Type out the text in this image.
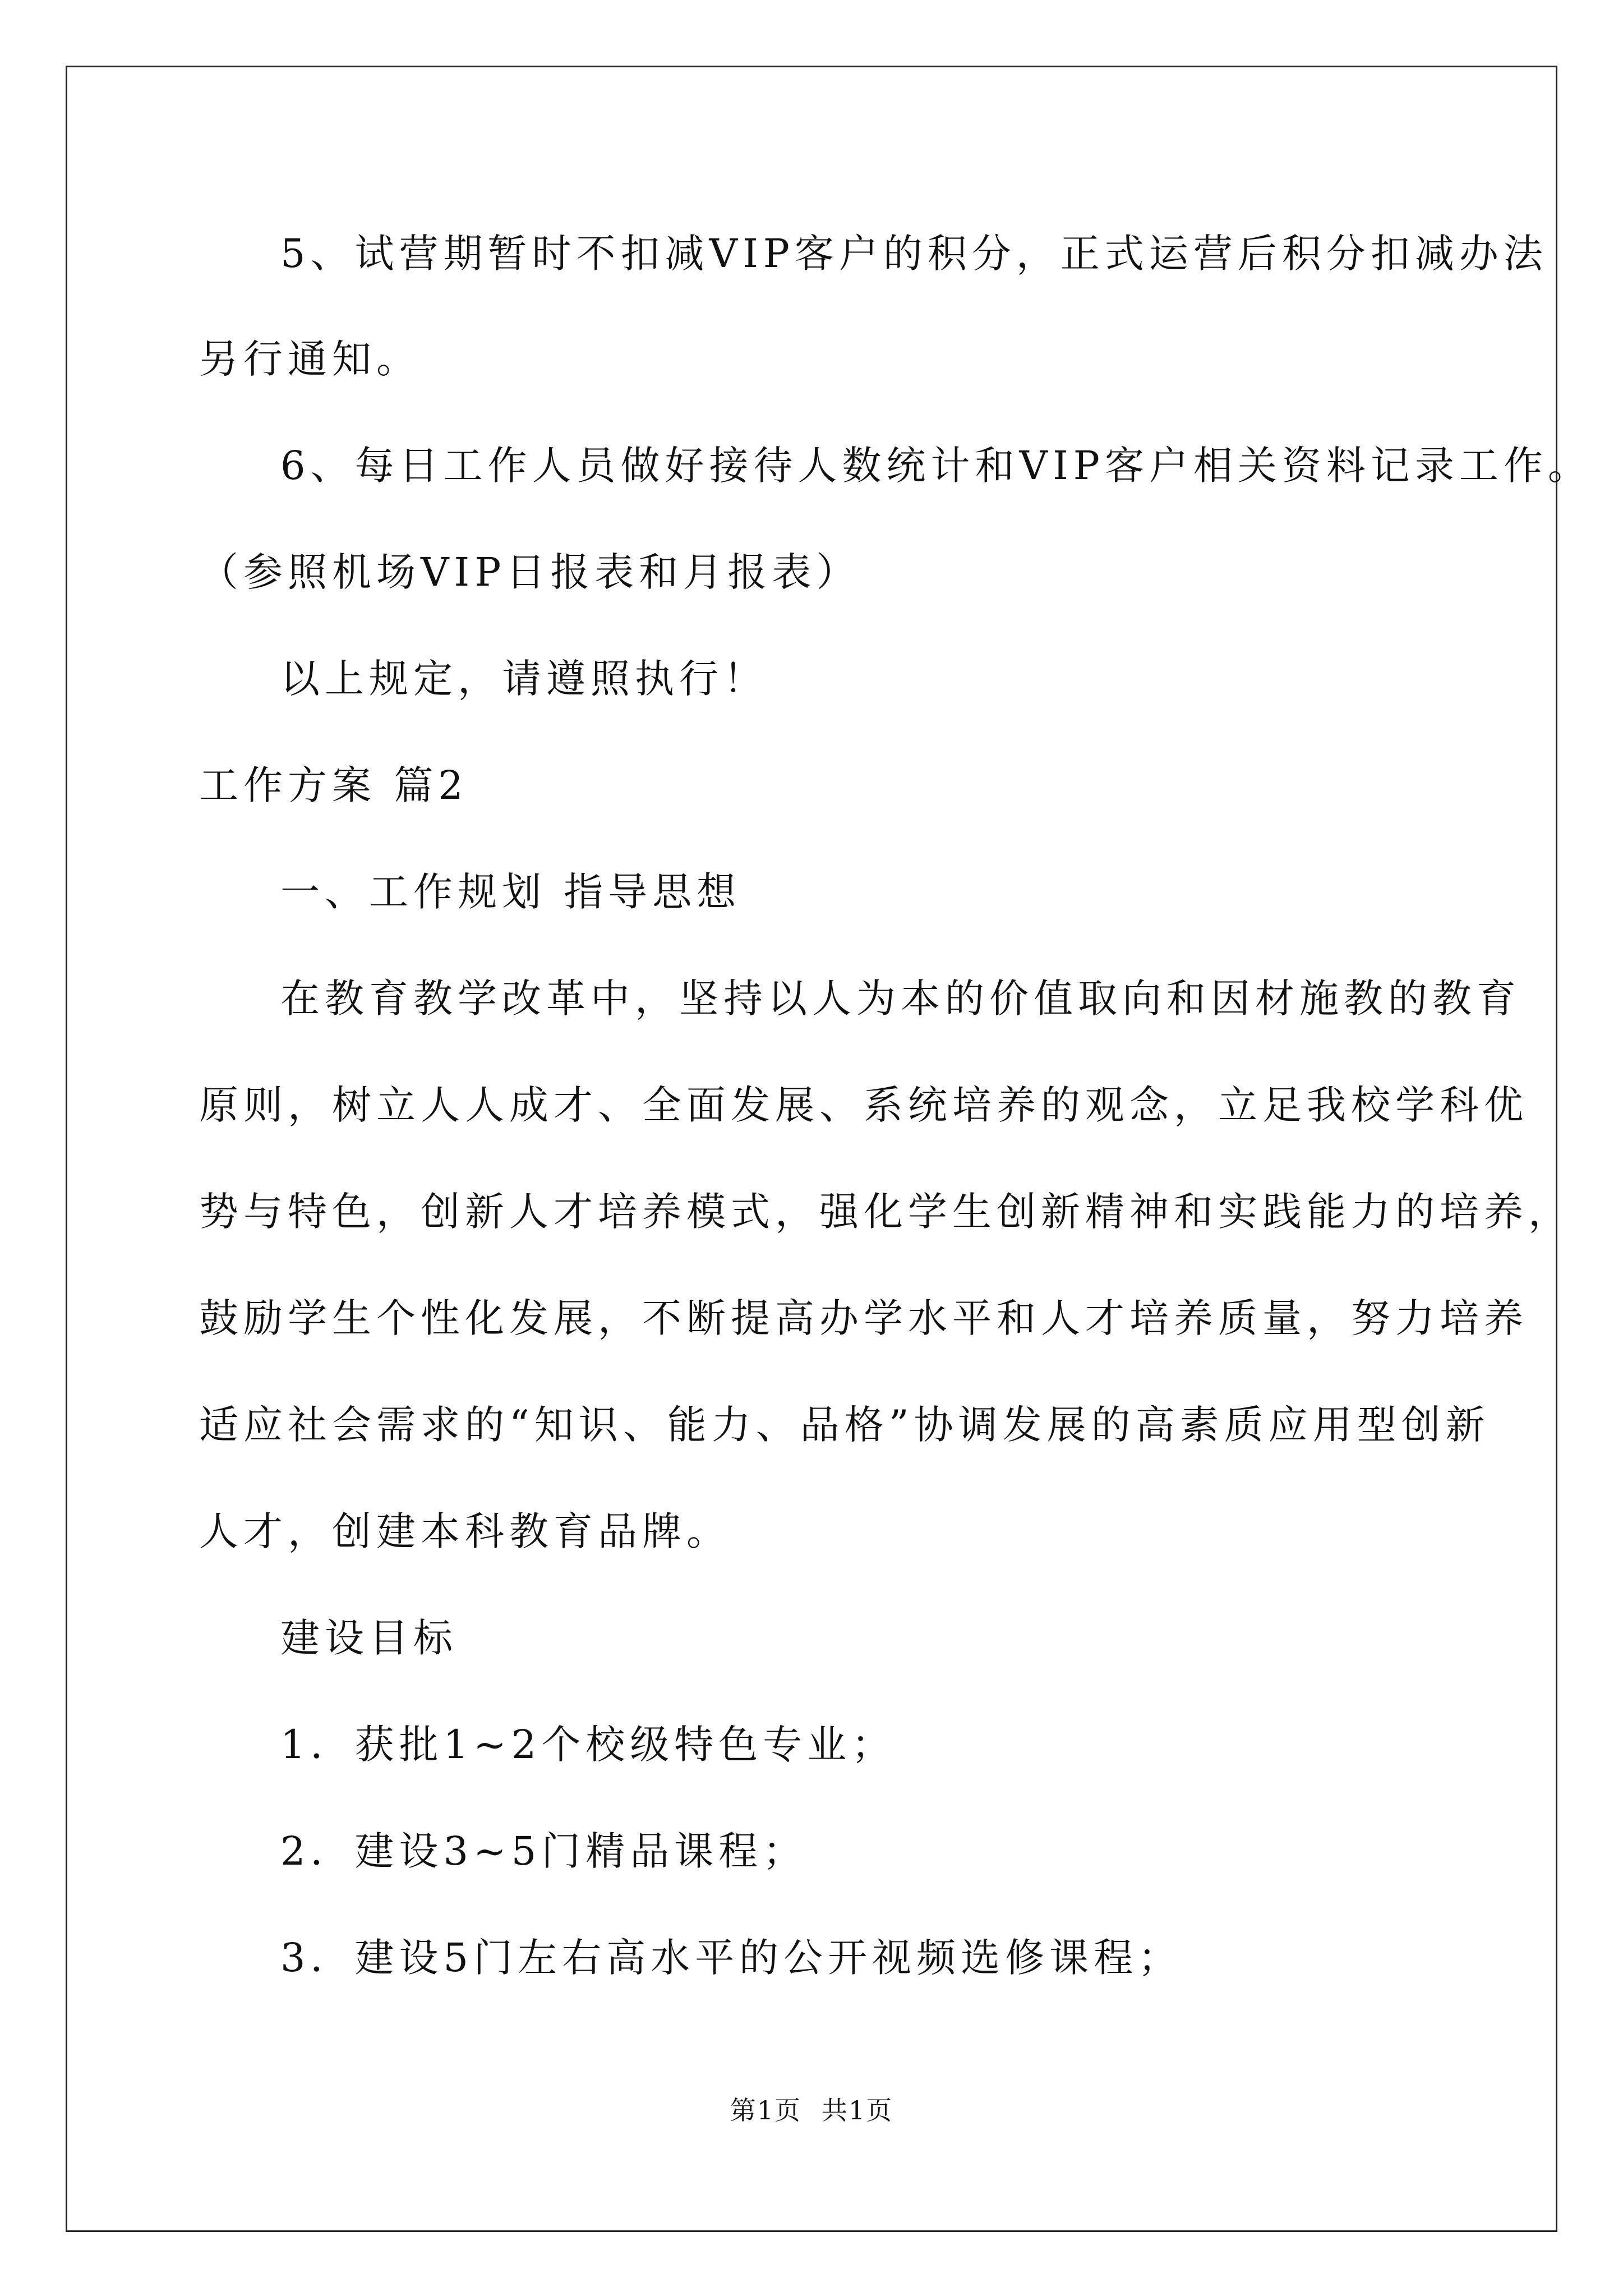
5、试营期暂时不扣减VIP客户的积分，正式运营后积分扣减办法

另行通知。

6、每日工作人员做好接待人数统计和VIP客户相关资料记录工作。

（参照机场VIP日报表和月报表）

以上规定，请遵照执行！

工作方案 篇2

一、工作规划 指导思想

在教育教学改革中，坚持以人为本的价值取向和因材施教的教育

原则，树立人人成才、全面发展、系统培养的观念，立足我校学科优

势与特色，创新人才培养模式，强化学生创新精神和实践能力的培养，

鼓励学生个性化发展，不断提高办学水平和人才培养质量，努力培养

适应社会需求的“知识、能力、品格”协调发展的高素质应用型创新

人才，创建本科教育品牌。

建设目标

1．获批1~2个校级特色专业；

2．建设3~5门精品课程；

3．建设5门左右高水平的公开视频选修课程；

第1页 共1页
